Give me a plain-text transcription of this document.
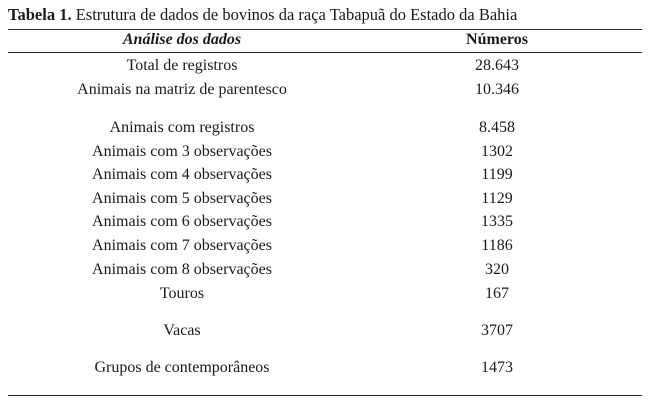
Tabela 1. Estrutura de dados de bovinos da raça Tabapuã do Estado da Bahia
Análise dos dados	Números
Total de registros	28.643
Animais na matriz de parentesco	10.346
Animais com registros	8.458
Animais com 3 observações	1302
Animais com 4 observações	1199
Animais com 5 observações	1129
Animais com 6 observações	1335
Animais com 7 observações	1186
Animais com 8 observações	320
Touros	167
Vacas	3707
Grupos de contemporâneos	1473
